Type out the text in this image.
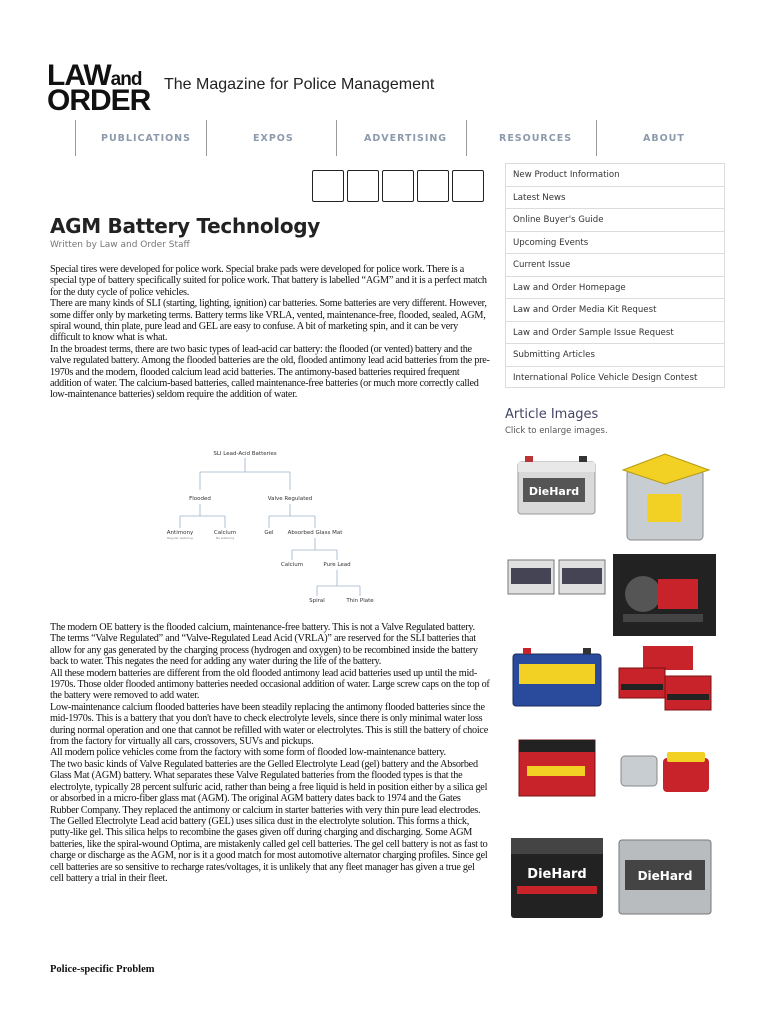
LAWand
ORDER The Magazine for Police Management
PUBLICATIONS	EXPOS	ADVERTISING	RESOURCES	ABOUT
AGM Battery Technology
Written by Law and Order Staff

Special tires were developed for police work. Special brake pads were developed for police work. There is a special type of battery specifically suited for police work. That battery is labelled “AGM” and it is a perfect match for the duty cycle of police vehicles.

There are many kinds of SLI (starting, lighting, ignition) car batteries. Some batteries are very different. However, some differ only by marketing terms. Battery terms like VRLA, vented, maintenance-free, flooded, sealed, AGM, spiral wound, thin plate, pure lead and GEL are easy to confuse. A bit of marketing spin, and it can be very difficult to know what is what.

In the broadest terms, there are two basic types of lead-acid car battery: the flooded (or vented) battery and the valve regulated battery. Among the flooded batteries are the old, flooded antimony lead acid batteries from the pre-1970s and the modern, flooded calcium lead acid batteries. The antimony-based batteries required frequent addition of water. The calcium-based batteries, called maintenance-free batteries (or much more correctly called low-maintenance batteries) seldom require the addition of water.

SLI Lead-Acid Batteries
Flooded	Valve Regulated
Antimony	Calcium	Gel	Absorbed Glass Mat
Calcium	Pure Lead
Spiral	Thin Plate
Regular watering	No watering

The modern OE battery is the flooded calcium, maintenance-free battery. This is not a Valve Regulated battery. The terms “Valve Regulated” and “Valve-Regulated Lead Acid (VRLA)” are reserved for the SLI batteries that allow for any gas generated by the charging process (hydrogen and oxygen) to be recombined inside the battery back to water. This negates the need for adding any water during the life of the battery.

All these modern batteries are different from the old flooded antimony lead acid batteries used up until the mid-1970s. Those older flooded antimony batteries needed occasional addition of water. Large screw caps on the top of the battery were removed to add water.

Low-maintenance calcium flooded batteries have been steadily replacing the antimony flooded batteries since the mid-1970s. This is a battery that you don't have to check electrolyte levels, since there is only minimal water loss during normal operation and one that cannot be refilled with water or electrolytes. This is still the battery of choice from the factory for virtually all cars, crossovers, SUVs and pickups.

All modern police vehicles come from the factory with some form of flooded low-maintenance battery.

The two basic kinds of Valve Regulated batteries are the Gelled Electrolyte Lead (gel) battery and the Absorbed Glass Mat (AGM) battery. What separates these Valve Regulated batteries from the flooded types is that the electrolyte, typically 28 percent sulfuric acid, rather than being a free liquid is held in position either by a silica gel or absorbed in a micro-fiber glass mat (AGM). The original AGM battery dates back to 1974 and the Gates Rubber Company. They replaced the antimony or calcium in starter batteries with very thin pure lead electrodes.

The Gelled Electrolyte Lead acid battery (GEL) uses silica dust in the electrolyte solution. This forms a thick, putty-like gel. This silica helps to recombine the gases given off during charging and discharging. Some AGM batteries, like the spiral-wound Optima, are mistakenly called gel cell batteries. The gel cell battery is not as fast to charge or discharge as the AGM, nor is it a good match for most automotive alternator charging profiles. Since gel cell batteries are so sensitive to recharge rates/voltages, it is unlikely that any fleet manager has given a true gel cell battery a trial in their fleet.

Police-specific Problem
New Product Information
Latest News
Online Buyer's Guide
Upcoming Events
Current Issue
Law and Order Homepage
Law and Order Media Kit Request
Law and Order Sample Issue Request
Submitting Articles
International Police Vehicle Design Contest
Article Images
Click to enlarge images.
DieHard
DieHard	DieHard
